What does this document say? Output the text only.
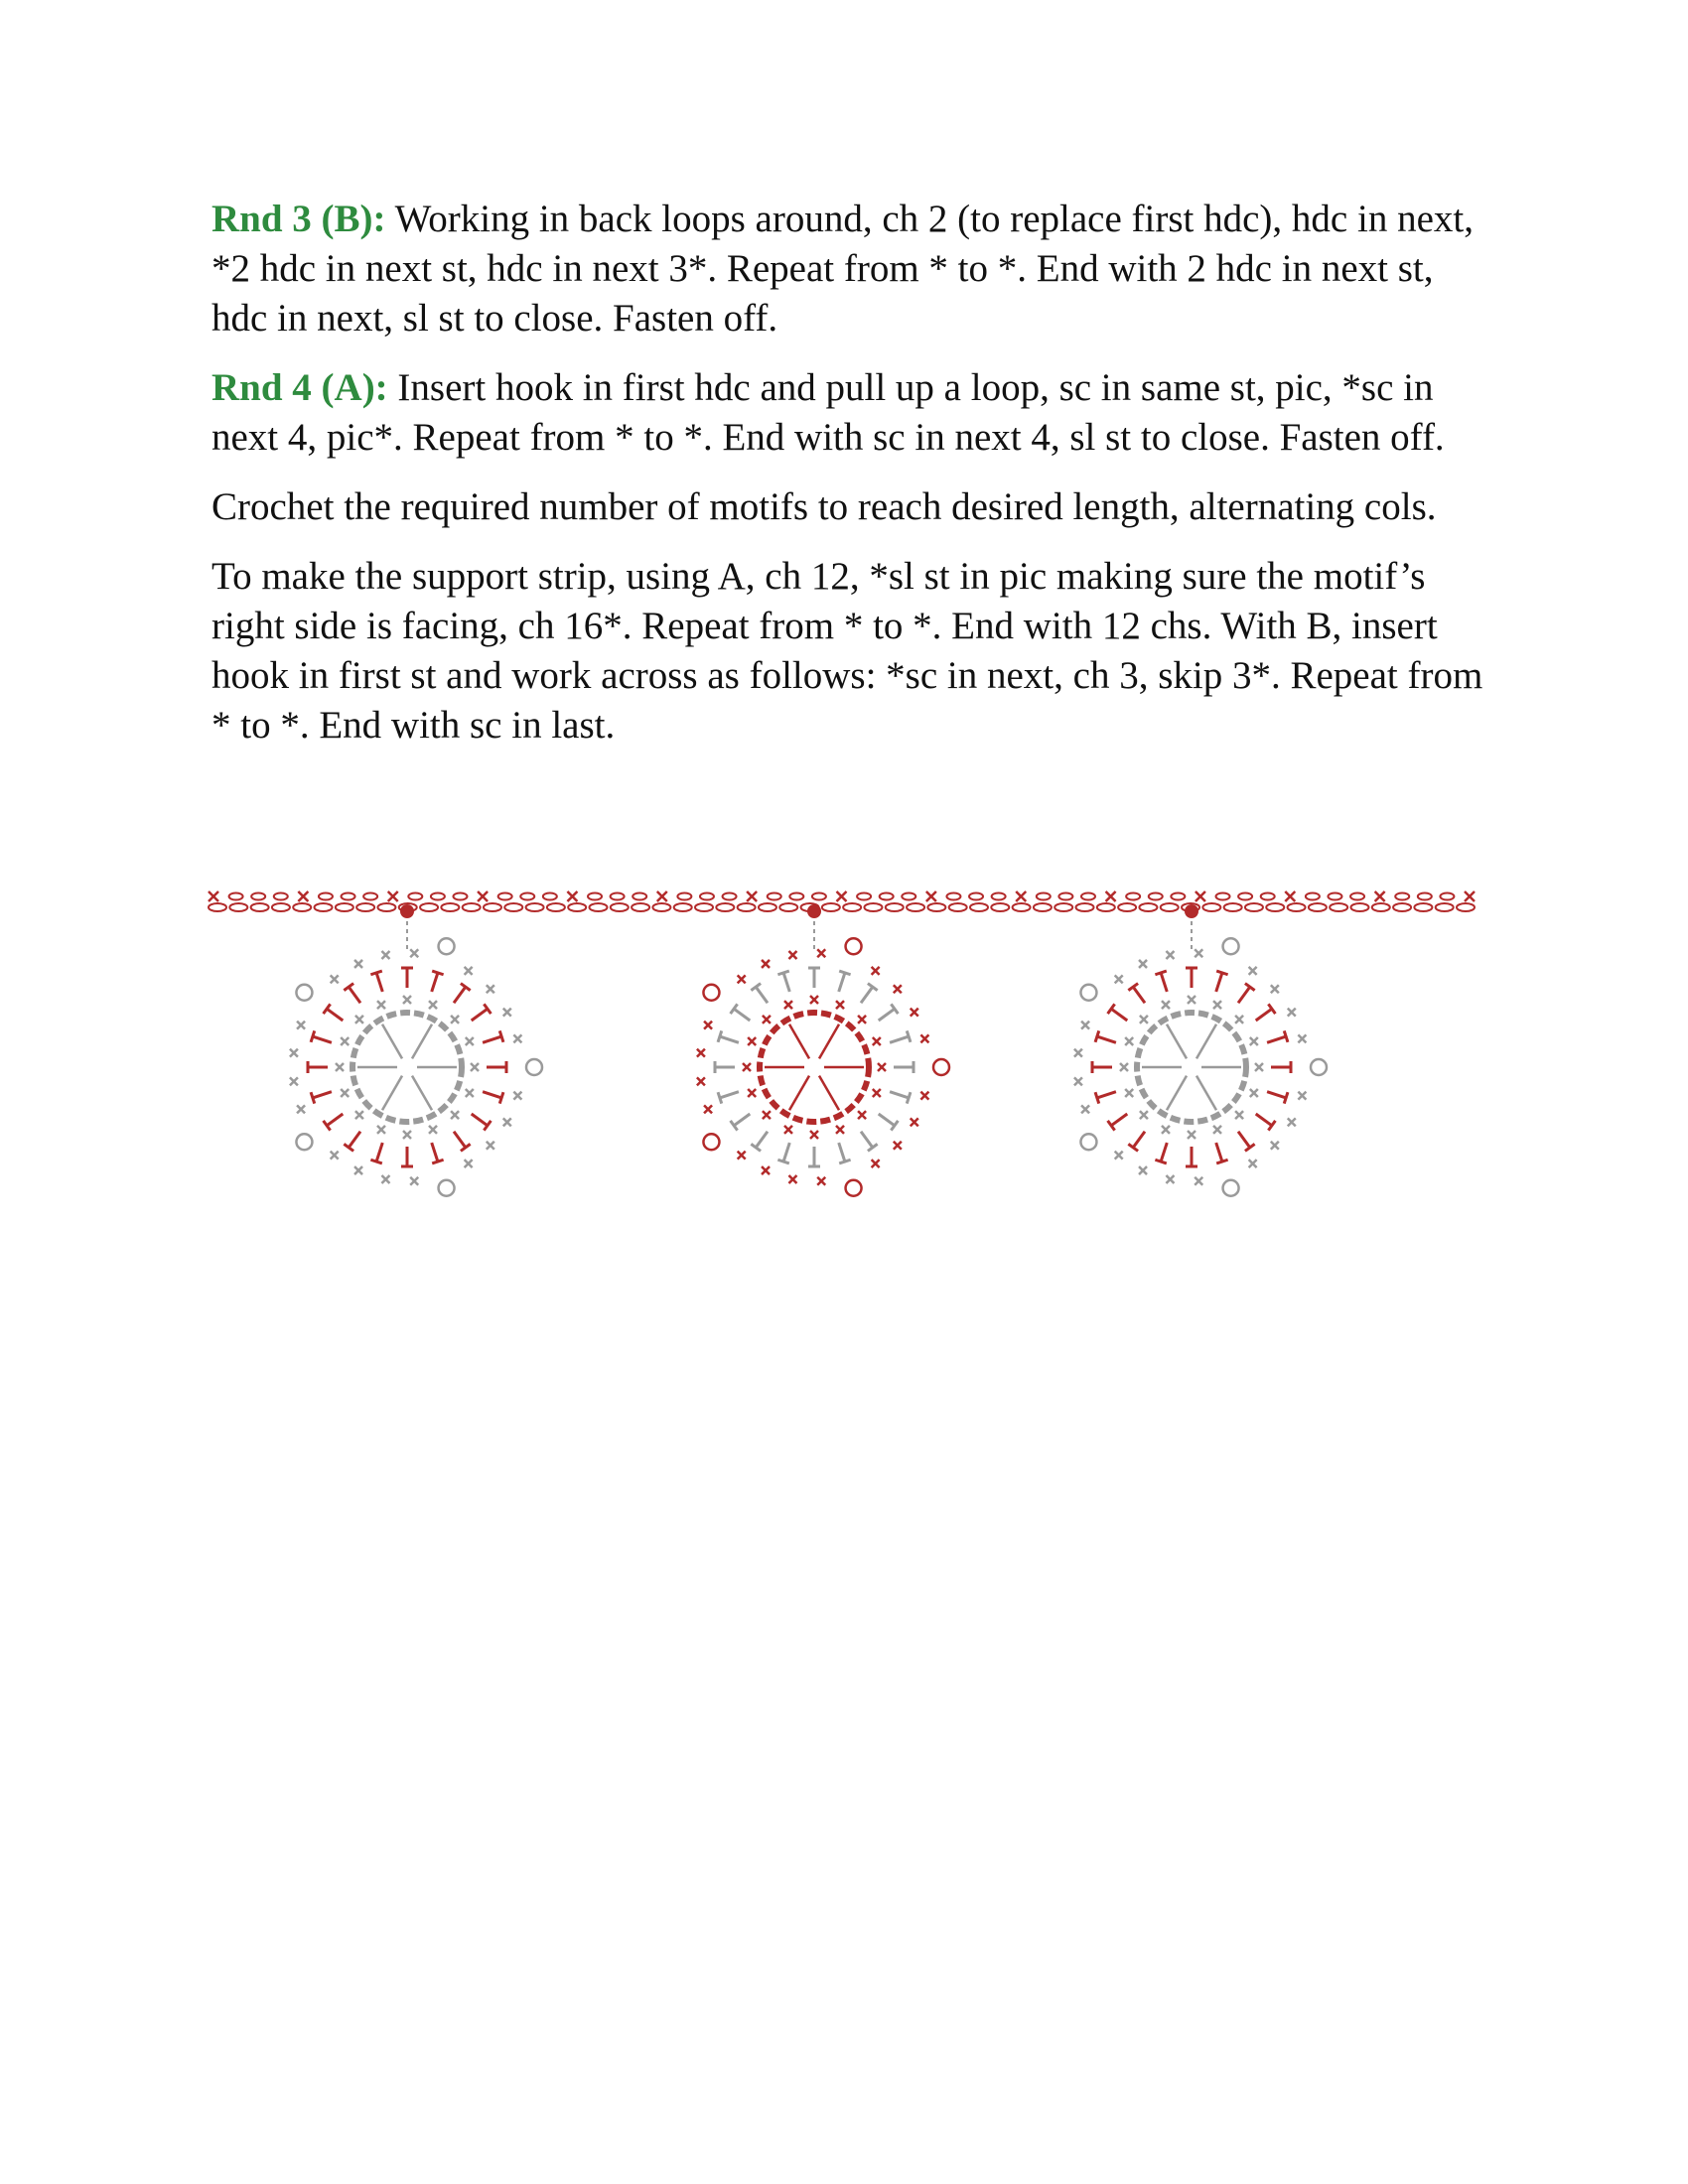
Rnd 3 (B): Working in back loops around, ch 2 (to replace first hdc), hdc in next, *2 hdc in next st, hdc in next 3*. Repeat from * to *. End with 2 hdc in next st, hdc in next, sl st to close. Fasten off.

Rnd 4 (A): Insert hook in first hdc and pull up a loop, sc in same st, pic, *sc in next 4, pic*. Repeat from * to *. End with sc in next 4, sl st to close. Fasten off.

Crochet the required number of motifs to reach desired length, alternating cols.

To make the support strip, using A, ch 12, *sl st in pic making sure the motif’s right side is facing, ch 16*. Repeat from * to *. End with 12 chs. With B, insert hook in first st and work across as follows: *sc in next, ch 3, skip 3*. Repeat from * to *. End with sc in last.
